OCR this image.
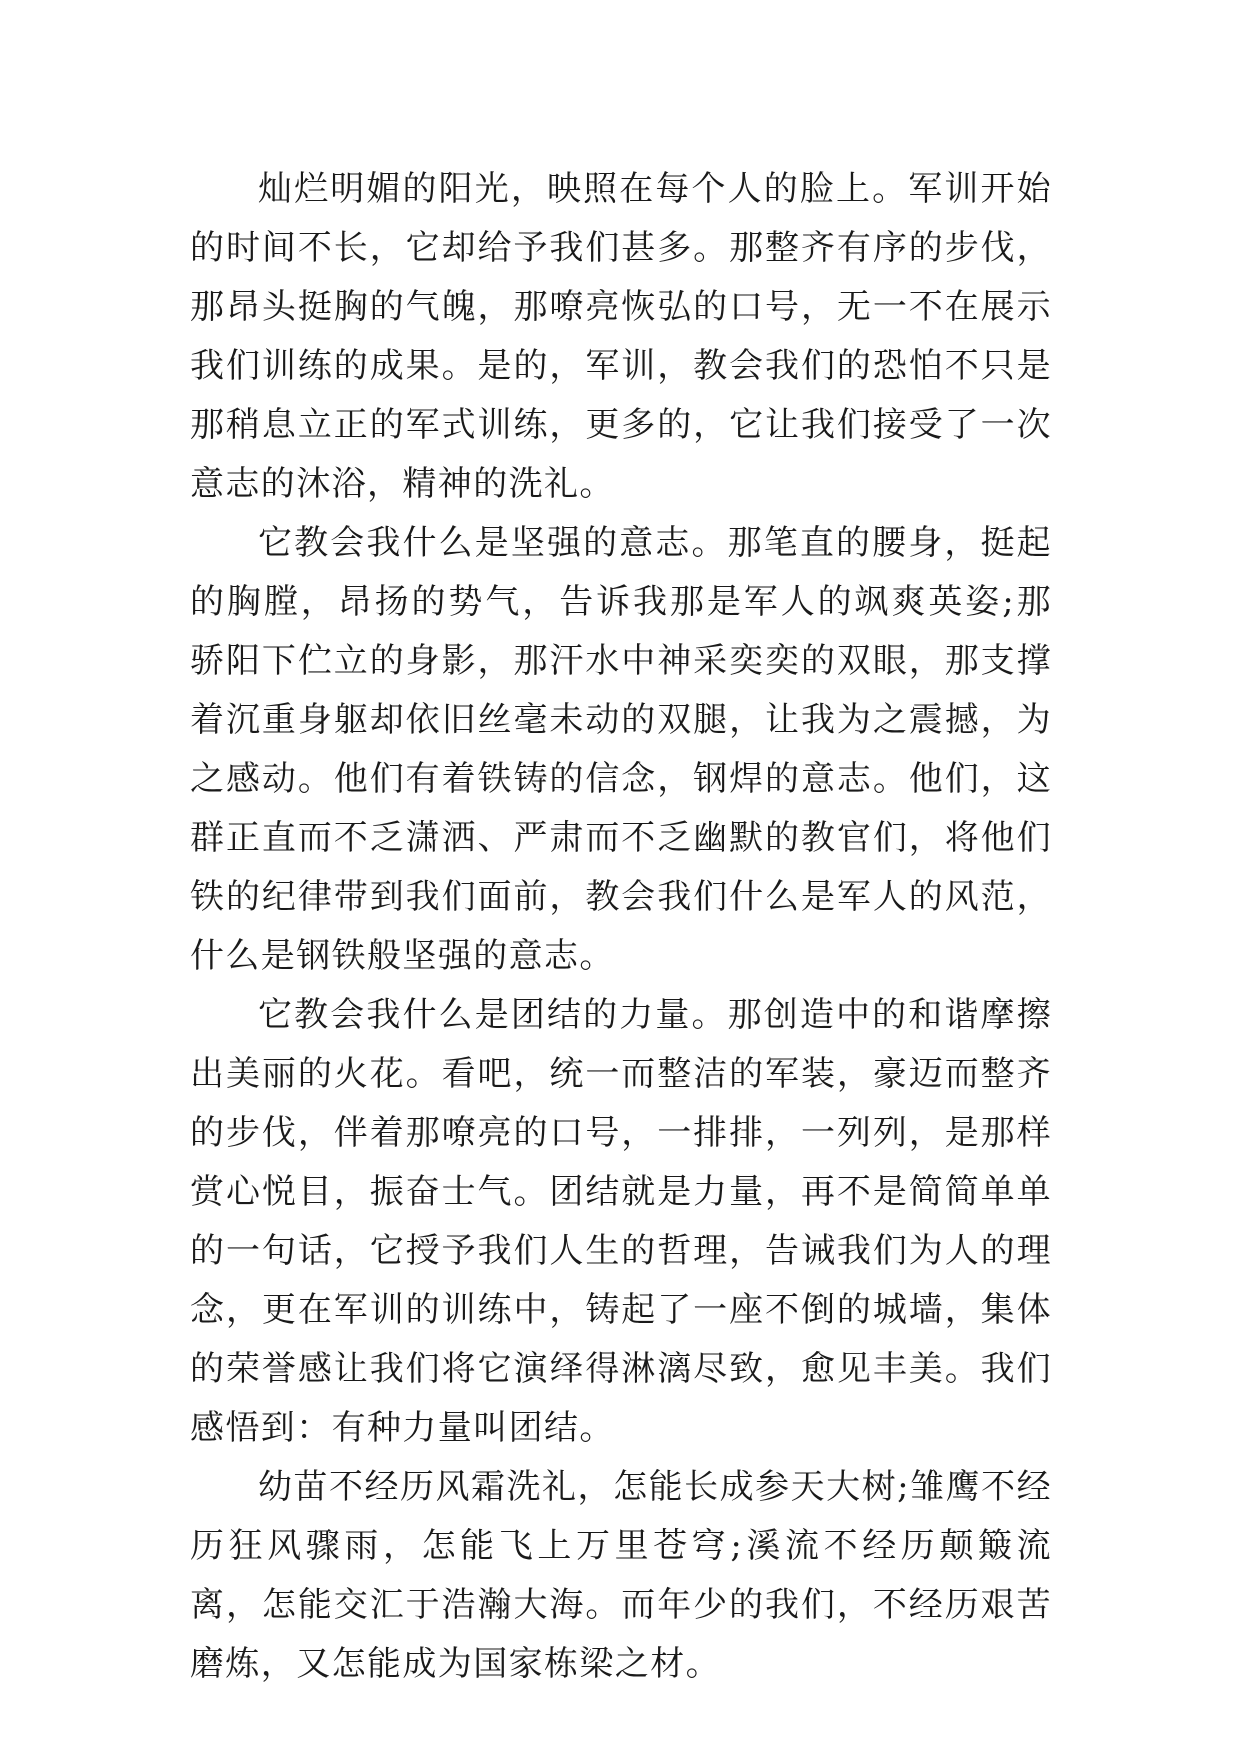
灿烂明媚的阳光，映照在每个人的脸上。军训开始的时间不长，它却给予我们甚多。那整齐有序的步伐，那昂头挺胸的气魄，那嘹亮恢弘的口号，无一不在展示我们训练的成果。是的，军训，教会我们的恐怕不只是那稍息立正的军式训练，更多的，它让我们接受了一次意志的沐浴，精神的洗礼。

它教会我什么是坚强的意志。那笔直的腰身，挺起的胸膛，昂扬的势气，告诉我那是军人的飒爽英姿;那骄阳下伫立的身影，那汗水中神采奕奕的双眼，那支撑着沉重身躯却依旧丝毫未动的双腿，让我为之震撼，为之感动。他们有着铁铸的信念，钢焊的意志。他们，这群正直而不乏潇洒、严肃而不乏幽默的教官们，将他们铁的纪律带到我们面前，教会我们什么是军人的风范，什么是钢铁般坚强的意志。

它教会我什么是团结的力量。那创造中的和谐摩擦出美丽的火花。看吧，统一而整洁的军装，豪迈而整齐的步伐，伴着那嘹亮的口号，一排排，一列列，是那样赏心悦目，振奋士气。团结就是力量，再不是简简单单的一句话，它授予我们人生的哲理，告诫我们为人的理念，更在军训的训练中，铸起了一座不倒的城墙，集体的荣誉感让我们将它演绎得淋漓尽致，愈见丰美。我们感悟到：有种力量叫团结。

幼苗不经历风霜洗礼，怎能长成参天大树;雏鹰不经历狂风骤雨，怎能飞上万里苍穹;溪流不经历颠簸流离，怎能交汇于浩瀚大海。而年少的我们，不经历艰苦磨炼，又怎能成为国家栋梁之材。
